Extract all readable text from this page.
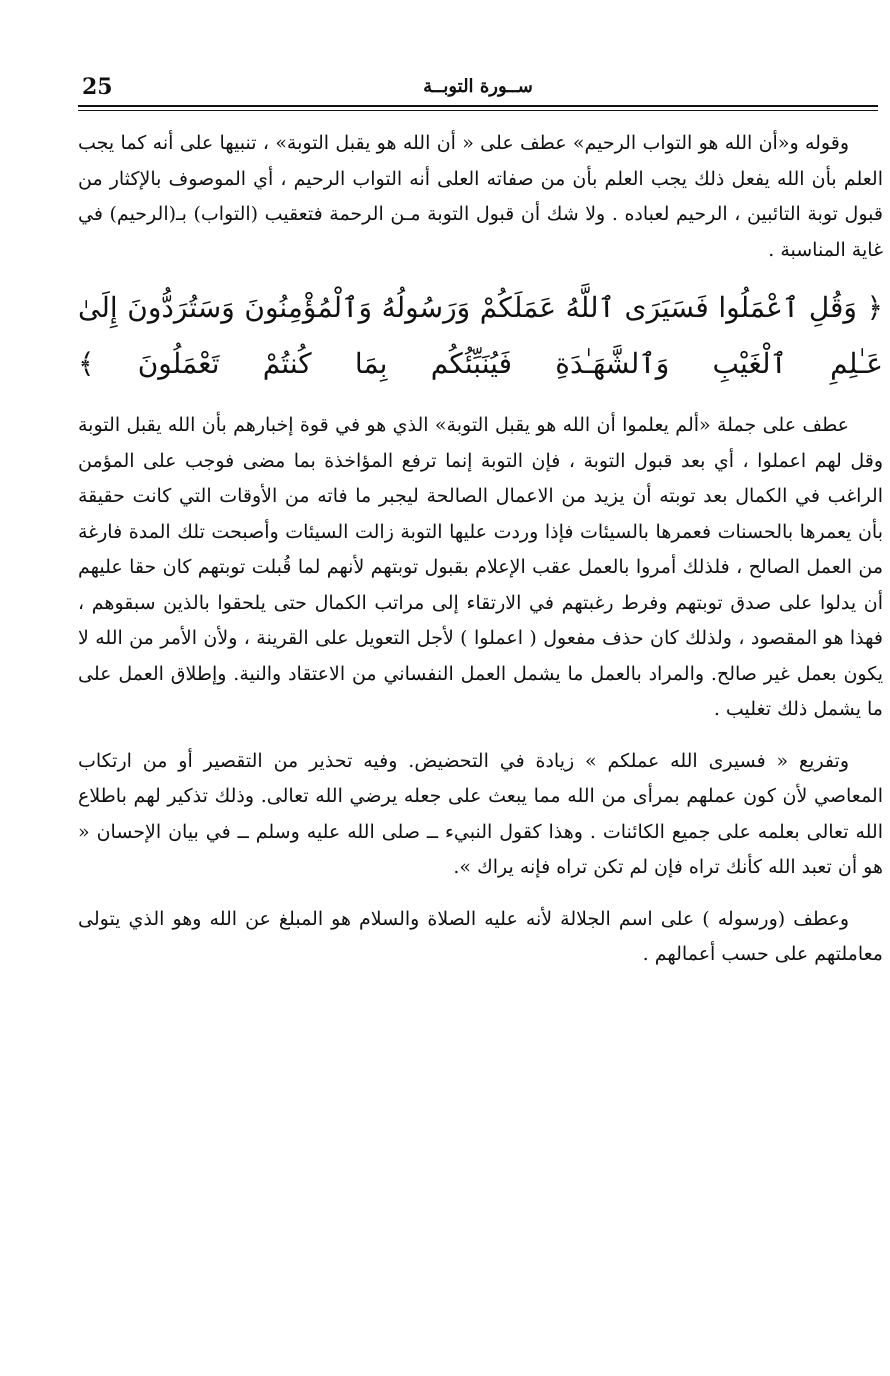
25	ســورة التوبــة

وقوله و«أن الله هو التواب الرحيم» عطف على « أن الله هو يقبل التوبة» ، تنبيها على أنه كما يجب العلم بأن الله يفعل ذلك يجب العلم بأن من صفاته العلى أنه التواب الرحيم ، أي الموصوف بالإكثار من قبول توبة التائبين ، الرحيم لعباده . ولا شك أن قبول التوبة مـن الرحمة فتعقيب (التواب) بـ(الرحيم) في غاية المناسبة .

﴿ وَقُلِ ٱعْمَلُوا فَسَيَرَى ٱللَّهُ عَمَلَكُمْ وَرَسُولُهُ وَٱلْمُؤْمِنُونَ وَسَتُرَدُّونَ إِلَىٰ عَـٰلِمِ ٱلْغَيْبِ وَٱلشَّهَـٰدَةِ فَيُنَبِّئُكُم بِمَا كُنتُمْ تَعْمَلُونَ ﴾

عطف على جملة «ألم يعلموا أن الله هو يقبل التوبة» الذي هو في قوة إخبارهم بأن الله يقبل التوبة وقل لهم اعملوا ، أي بعد قبول التوبة ، فإن التوبة إنما ترفع المؤاخذة بما مضى فوجب على المؤمن الراغب في الكمال بعد توبته أن يزيد من الاعمال الصالحة ليجبر ما فاته من الأوقات التي كانت حقيقة بأن يعمرها بالحسنات فعمرها بالسيئات فإذا وردت عليها التوبة زالت السيئات وأصبحت تلك المدة فارغة من العمل الصالح ، فلذلك أمروا بالعمل عقب الإعلام بقبول توبتهم لأنهم لما قُبلت توبتهم كان حقا عليهم أن يدلوا على صدق توبتهم وفرط رغبتهم في الارتقاء إلى مراتب الكمال حتى يلحقوا بالذين سبقوهم ، فهذا هو المقصود ، ولذلك كان حذف مفعول ( اعملوا ) لأجل التعويل على القرينة ، ولأن الأمر من الله لا يكون بعمل غير صالح. والمراد بالعمل ما يشمل العمل النفساني من الاعتقاد والنية. وإطلاق العمل على ما يشمل ذلك تغليب .

وتفريع « فسيرى الله عملكم » زيادة في التحضيض. وفيه تحذير من التقصير أو من ارتكاب المعاصي لأن كون عملهم بمرأى من الله مما يبعث على جعله يرضي الله تعالى. وذلك تذكير لهم باطلاع الله تعالى بعلمه على جميع الكائنات . وهذا كقول النبيء ــ صلى الله عليه وسلم ــ في بيان الإحسان « هو أن تعبد الله كأنك تراه فإن لم تكن تراه فإنه يراك ».

وعطف (ورسوله ) على اسم الجلالة لأنه عليه الصلاة والسلام هو المبلغ عن الله وهو الذي يتولى معاملتهم على حسب أعمالهم .
